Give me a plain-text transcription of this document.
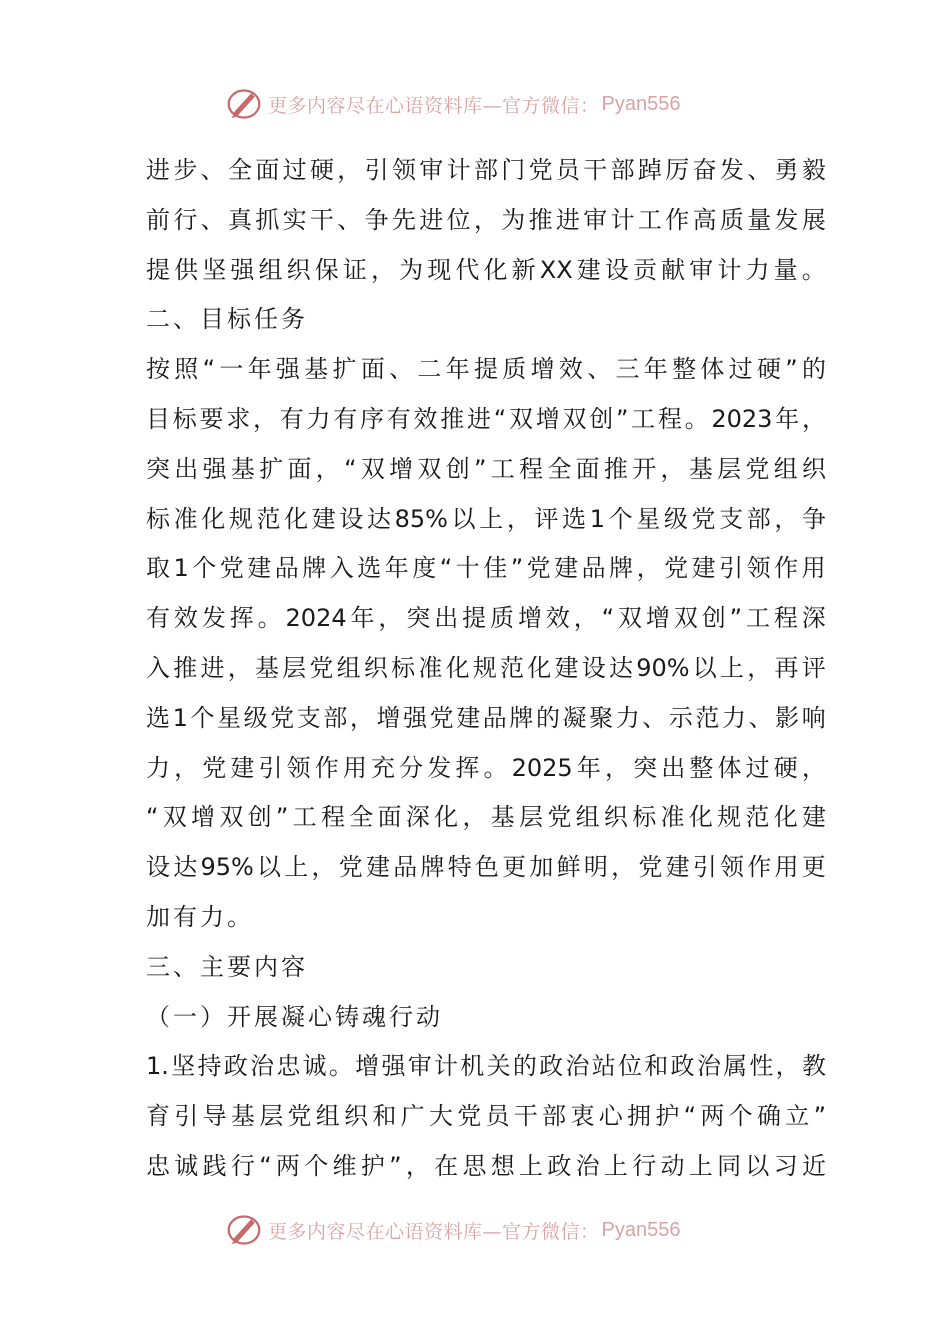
更多内容尽在心语资料库—官方微信： Pyan556
进 步 、 全 面 过 硬 ， 引 领 审 计 部 门 党 员 干 部 踔 厉 奋 发 、 勇 毅
前 行 、 真 抓 实 干 、 争 先 进 位 ， 为 推 进 审 计 工 作 高 质 量 发 展
提 供 坚 强 组 织 保 证 ， 为 现 代 化 新 XX 建 设 贡 献 审 计 力 量 。
二、目标任务
按 照 “ 一 年 强 基 扩 面 、 二 年 提 质 增 效 、 三 年 整 体 过 硬 ” 的
目 标 要 求 ， 有 力 有 序 有 效 推 进 “ 双 增 双 创 ” 工 程 。 2023 年 ，
突 出 强 基 扩 面 ， “ 双 增 双 创 ” 工 程 全 面 推 开 ， 基 层 党 组 织
标 准 化 规 范 化 建 设 达 85% 以 上 ， 评 选 1 个 星 级 党 支 部 ， 争
取 1 个 党 建 品 牌 入 选 年 度 “ 十 佳 ” 党 建 品 牌 ， 党 建 引 领 作 用
有 效 发 挥 。 2024 年 ， 突 出 提 质 增 效 ， “ 双 增 双 创 ” 工 程 深
入 推 进 ， 基 层 党 组 织 标 准 化 规 范 化 建 设 达 90% 以 上 ， 再 评
选 1 个 星 级 党 支 部 ， 增 强 党 建 品 牌 的 凝 聚 力 、 示 范 力 、 影 响
力 ， 党 建 引 领 作 用 充 分 发 挥 。 2025 年 ， 突 出 整 体 过 硬 ，
“ 双 增 双 创 ” 工 程 全 面 深 化 ， 基 层 党 组 织 标 准 化 规 范 化 建
设 达 95% 以 上 ， 党 建 品 牌 特 色 更 加 鲜 明 ， 党 建 引 领 作 用 更
加有力。
三、主要内容
（一）开展凝心铸魂行动
1. 坚 持 政 治 忠 诚 。 增 强 审 计 机 关 的 政 治 站 位 和 政 治 属 性 ， 教
育 引 导 基 层 党 组 织 和 广 大 党 员 干 部 衷 心 拥 护 “ 两 个 确 立 ”
忠 诚 践 行 “ 两 个 维 护 ” ， 在 思 想 上 政 治 上 行 动 上 同 以 习 近
更多内容尽在心语资料库—官方微信： Pyan556
